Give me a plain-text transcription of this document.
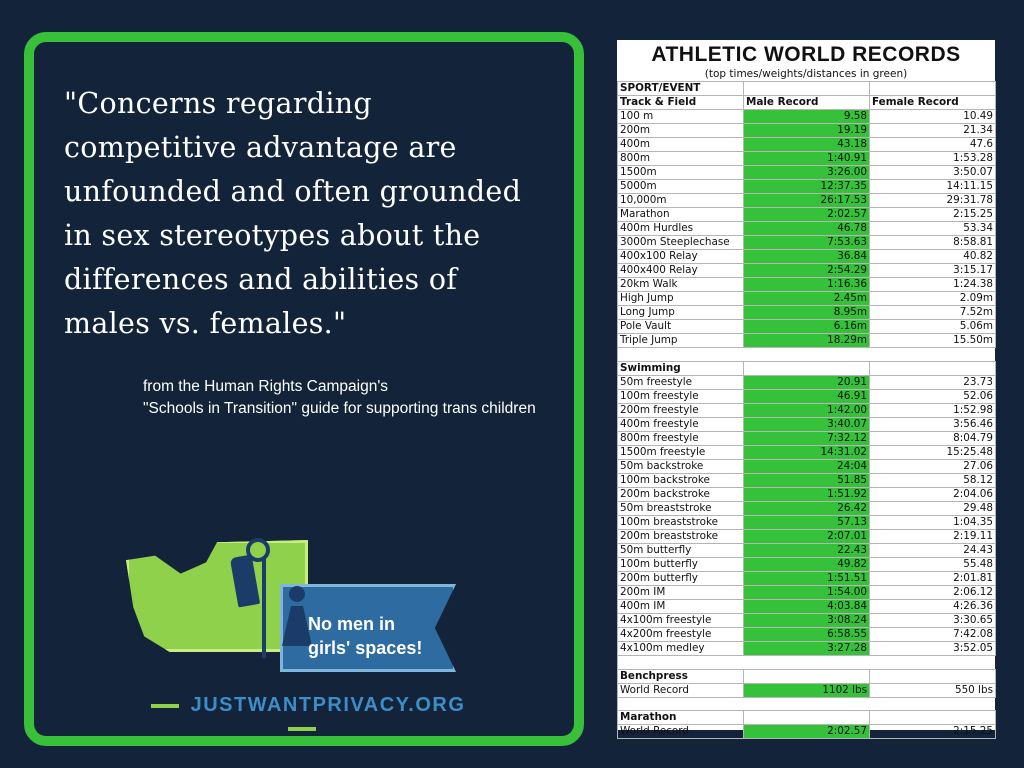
"Concerns regarding
competitive advantage are
unfounded and often grounded
in sex stereotypes about the
differences and abilities of
males vs. females."
from the Human Rights Campaign's
"Schools in Transition" guide for supporting trans children
No men in
girls' spaces!
JUSTWANTPRIVACY.ORG
ATHLETIC WORLD RECORDS
(top times/weights/distances in green)
SPORT/EVENT		
Track & Field	Male Record	Female Record
100 m	9.58	10.49
200m	19.19	21.34
400m	43.18	47.6
800m	1:40.91	1:53.28
1500m	3:26.00	3:50.07
5000m	12:37.35	14:11.15
10,000m	26:17.53	29:31.78
Marathon	2:02.57	2:15.25
400m Hurdles	46.78	53.34
3000m Steeplechase	7:53.63	8:58.81
400x100 Relay	36.84	40.82
400x400 Relay	2:54.29	3:15.17
20km Walk	1:16.36	1:24.38
High Jump	2.45m	2.09m
Long Jump	8.95m	7.52m
Pole Vault	6.16m	5.06m
Triple Jump	18.29m	15.50m

Swimming		
50m freestyle	20.91	23.73
100m freestyle	46.91	52.06
200m freestyle	1:42.00	1:52.98
400m freestyle	3:40.07	3:56.46
800m freestyle	7:32.12	8:04.79
1500m freestyle	14:31.02	15:25.48
50m backstroke	24:04	27.06
100m backstroke	51.85	58.12
200m backstroke	1:51.92	2:04.06
50m breaststroke	26.42	29.48
100m breaststroke	57.13	1:04.35
200m breaststroke	2:07.01	2:19.11
50m butterfly	22.43	24.43
100m butterfly	49.82	55.48
200m butterfly	1:51.51	2:01.81
200m IM	1:54.00	2:06.12
400m IM	4:03.84	4:26.36
4x100m freestyle	3:08.24	3:30.65
4x200m freestyle	6:58.55	7:42.08
4x100m medley	3:27.28	3:52.05

Benchpress		
World Record	1102 lbs	550 lbs

Marathon		
World Record	2:02.57	2:15.25
